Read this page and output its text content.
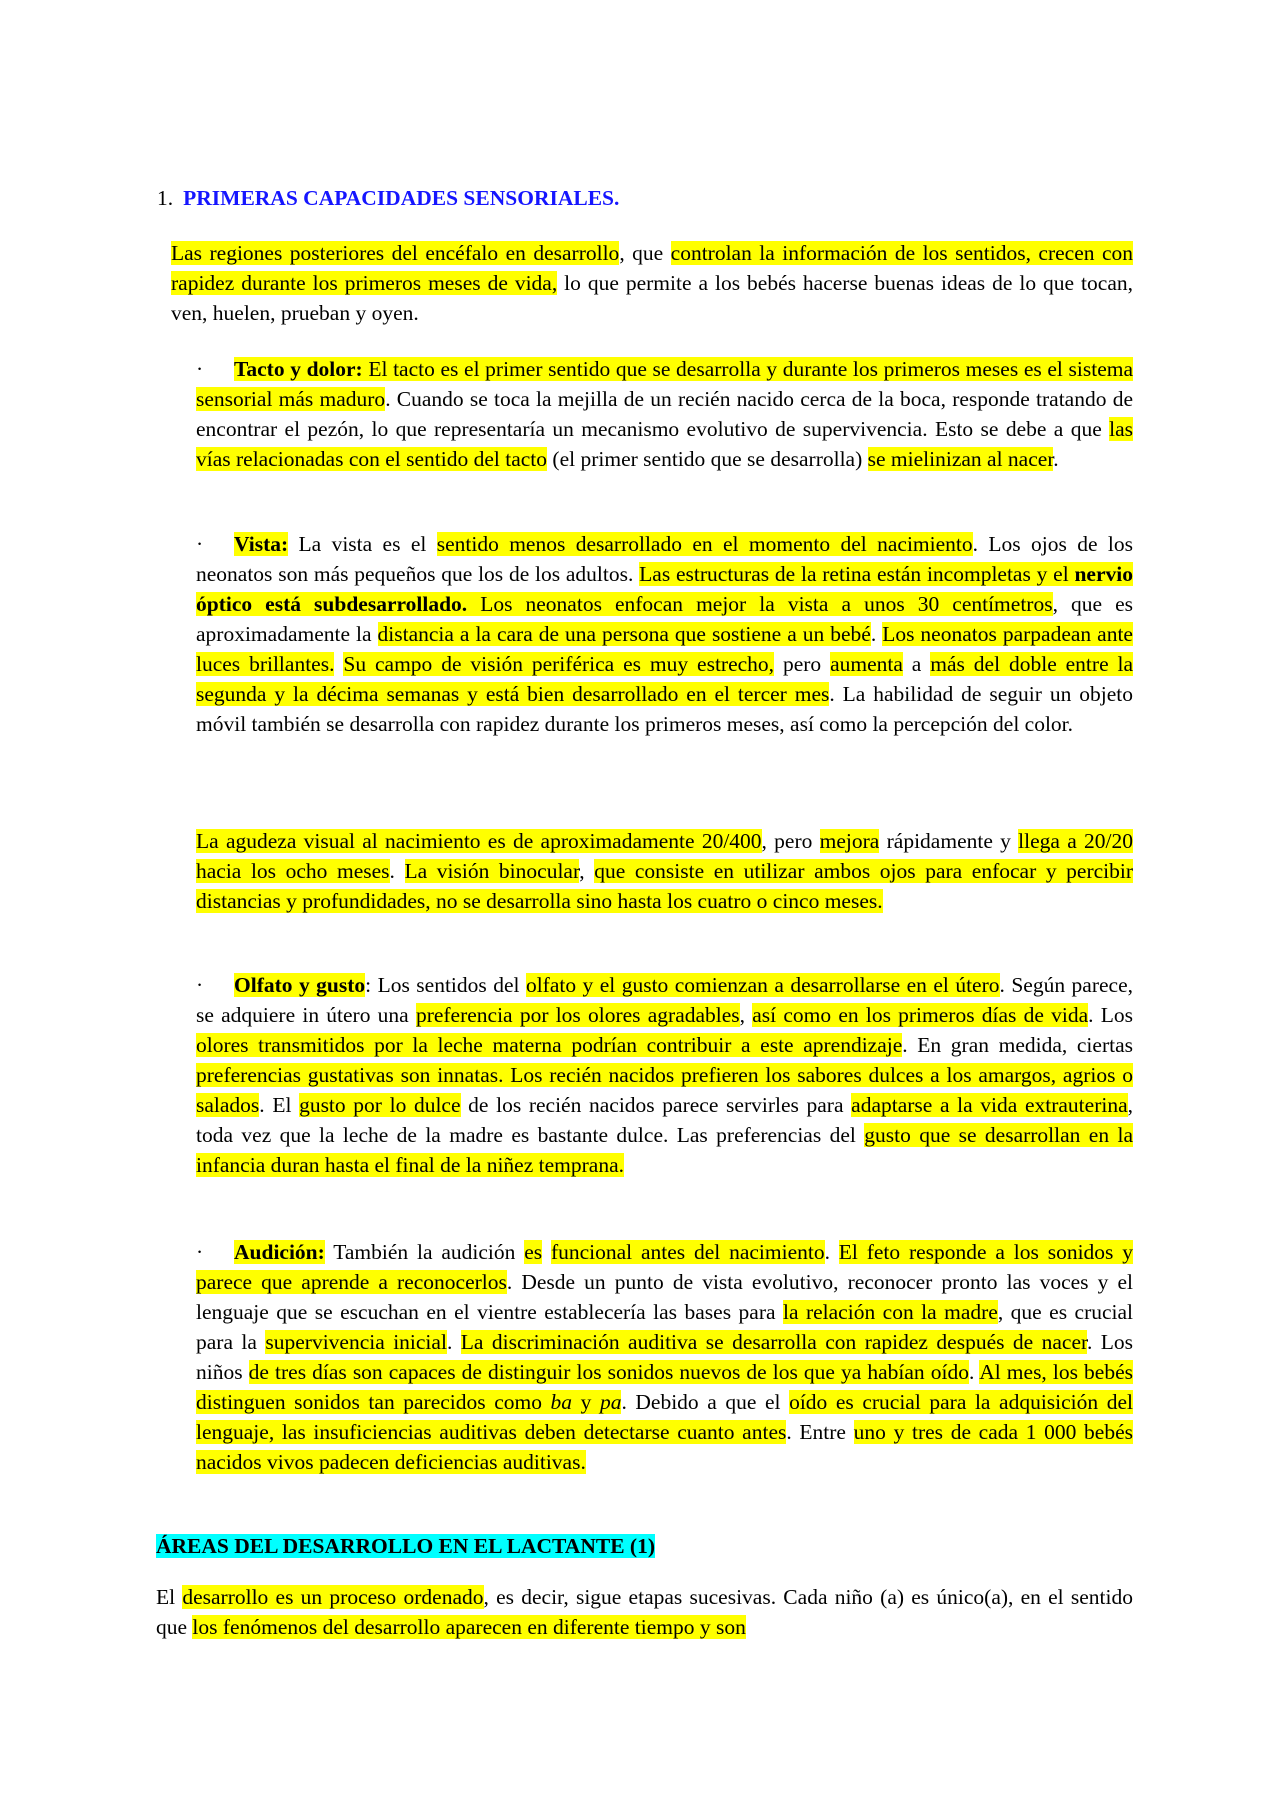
1. PRIMERAS CAPACIDADES SENSORIALES.

Las regiones posteriores del encéfalo en desarrollo, que controlan la información de los sentidos, crecen con rapidez durante los primeros meses de vida, lo que permite a los bebés hacerse buenas ideas de lo que tocan, ven, huelen, prueban y oyen.

· Tacto y dolor: El tacto es el primer sentido que se desarrolla y durante los primeros meses es el sistema sensorial más maduro. Cuando se toca la mejilla de un recién nacido cerca de la boca, responde tratando de encontrar el pezón, lo que representaría un mecanismo evolutivo de supervivencia. Esto se debe a que las vías relacionadas con el sentido del tacto (el primer sentido que se desarrolla) se mielinizan al nacer.

· Vista: La vista es el sentido menos desarrollado en el momento del nacimiento. Los ojos de los neonatos son más pequeños que los de los adultos. Las estructuras de la retina están incompletas y el nervio óptico está subdesarrollado. Los neonatos enfocan mejor la vista a unos 30 centímetros, que es aproximadamente la distancia a la cara de una persona que sostiene a un bebé. Los neonatos parpadean ante luces brillantes. Su campo de visión periférica es muy estrecho, pero aumenta a más del doble entre la segunda y la décima semanas y está bien desarrollado en el tercer mes. La habilidad de seguir un objeto móvil también se desarrolla con rapidez durante los primeros meses, así como la percepción del color.

La agudeza visual al nacimiento es de aproximadamente 20/400, pero mejora rápidamente y llega a 20/20 hacia los ocho meses. La visión binocular, que consiste en utilizar ambos ojos para enfocar y percibir distancias y profundidades, no se desarrolla sino hasta los cuatro o cinco meses.

· Olfato y gusto: Los sentidos del olfato y el gusto comienzan a desarrollarse en el útero. Según parece, se adquiere in útero una preferencia por los olores agradables, así como en los primeros días de vida. Los olores transmitidos por la leche materna podrían contribuir a este aprendizaje. En gran medida, ciertas preferencias gustativas son innatas. Los recién nacidos prefieren los sabores dulces a los amargos, agrios o salados. El gusto por lo dulce de los recién nacidos parece servirles para adaptarse a la vida extrauterina, toda vez que la leche de la madre es bastante dulce. Las preferencias del gusto que se desarrollan en la infancia duran hasta el final de la niñez temprana.

· Audición: También la audición es funcional antes del nacimiento. El feto responde a los sonidos y parece que aprende a reconocerlos. Desde un punto de vista evolutivo, reconocer pronto las voces y el lenguaje que se escuchan en el vientre establecería las bases para la relación con la madre, que es crucial para la supervivencia inicial. La discriminación auditiva se desarrolla con rapidez después de nacer. Los niños de tres días son capaces de distinguir los sonidos nuevos de los que ya habían oído. Al mes, los bebés distinguen sonidos tan parecidos como ba y pa. Debido a que el oído es crucial para la adquisición del lenguaje, las insuficiencias auditivas deben detectarse cuanto antes. Entre uno y tres de cada 1 000 bebés nacidos vivos padecen deficiencias auditivas.

ÁREAS DEL DESARROLLO EN EL LACTANTE (1)

El desarrollo es un proceso ordenado, es decir, sigue etapas sucesivas. Cada niño (a) es único(a), en el sentido que los fenómenos del desarrollo aparecen en diferente tiempo y son
